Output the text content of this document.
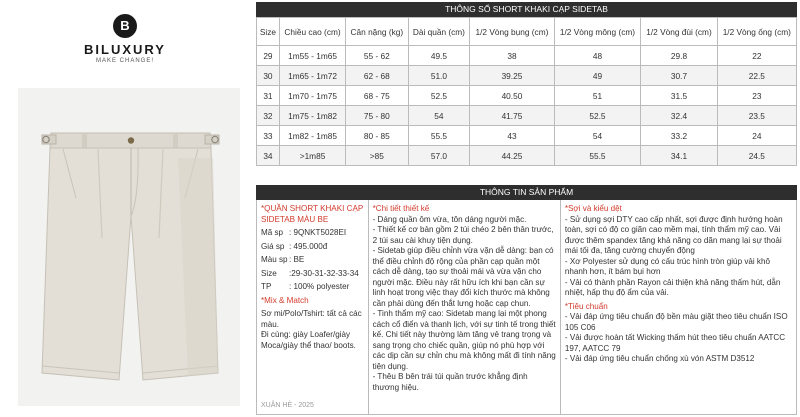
B
BILUXURY
MAKE CHANGE!
THÔNG SỐ SHORT KHAKI CẠP SIDETAB
Size	Chiều cao (cm)	Cân nặng (kg)	Dài quần (cm)	1/2 Vòng bụng (cm)	1/2 Vòng mông (cm)	1/2 Vòng đùi (cm)	1/2 Vòng ống (cm)
29	1m55 - 1m65	55 - 62	49.5	38	48	29.8	22
30	1m65 - 1m72	62 - 68	51.0	39.25	49	30.7	22.5
31	1m70 - 1m75	68 - 75	52.5	40.50	51	31.5	23
32	1m75 - 1m82	75 - 80	54	41.75	52.5	32.4	23.5
33	1m82 - 1m85	80 - 85	55.5	43	54	33.2	24
34	>1m85	>85	57.0	44.25	55.5	34.1	24.5
THÔNG TIN SẢN PHẨM
*QUẦN SHORT KHAKI CẠP SIDETAB MÀU BE
Mã sp : 9QNKT5028EI
Giá sp : 495.000đ
Màu sp : BE
Size	:29-30-31-32-33-34
TP	: 100% polyester
*Mix & Match
Sơ mi/Polo/Tshirt: tất cả các màu.
Đi cùng: giày Loafer/giày Moca/giày thể thao/ boots.
XUÂN HÈ - 2025
*Chi tiết thiết kế
- Dáng quần ôm vừa, tôn dáng người mặc.
- Thiết kế cơ bản gồm 2 túi chéo 2 bên thân trước, 2 túi sau cài khuy tiện dụng.
- Sidetab giúp điều chỉnh vừa vặn dễ dàng: bạn có thể điều chỉnh độ rộng của phần cạp quần một cách dễ dàng, tạo sự thoải mái và vừa vặn cho người mặc. Điều này rất hữu ích khi bạn cần sự linh hoạt trong việc thay đổi kích thước mà không cần phải dùng đến thắt lưng hoặc cạp chun.
- Tinh thẩm mỹ cao: Sidetab mang lại một phong cách cổ điển và thanh lịch, với sự tinh tế trong thiết kế. Chi tiết này thường làm tăng vẻ trang trọng và sang trọng cho chiếc quần, giúp nó phù hợp với các dịp cần sự chỉn chu mà không mất đi tính năng tiện dụng.
- Thêu B bên trái túi quần trước khẳng định thương hiệu.
*Sợi và kiểu dệt
- Sử dụng sợi DTY cao cấp nhất, sợi được định hướng hoàn toàn, sợi có độ co giãn cao mềm mại, tính thẩm mỹ cao. Vải được thêm spandex tăng khả năng co dãn mang lại sự thoải mái tối đa, tăng cường chuyển động
- Xơ Polyester sử dụng có cấu trúc hình tròn giúp vải khô nhanh hơn, ít bám bụi hơn
- Vải có thành phần Rayon cải thiện khả năng thấm hút, dẫn nhiệt, hấp thụ độ ẩm của vải.
*Tiêu chuẩn
- Vải đáp ứng tiêu chuẩn độ bền màu giặt theo tiêu chuẩn ISO 105 C06
- Vải được hoàn tất Wicking thấm hút theo tiêu chuẩn AATCC 197, AATCC 79
- Vải đáp ứng tiêu chuẩn chống xù vón ASTM D3512
